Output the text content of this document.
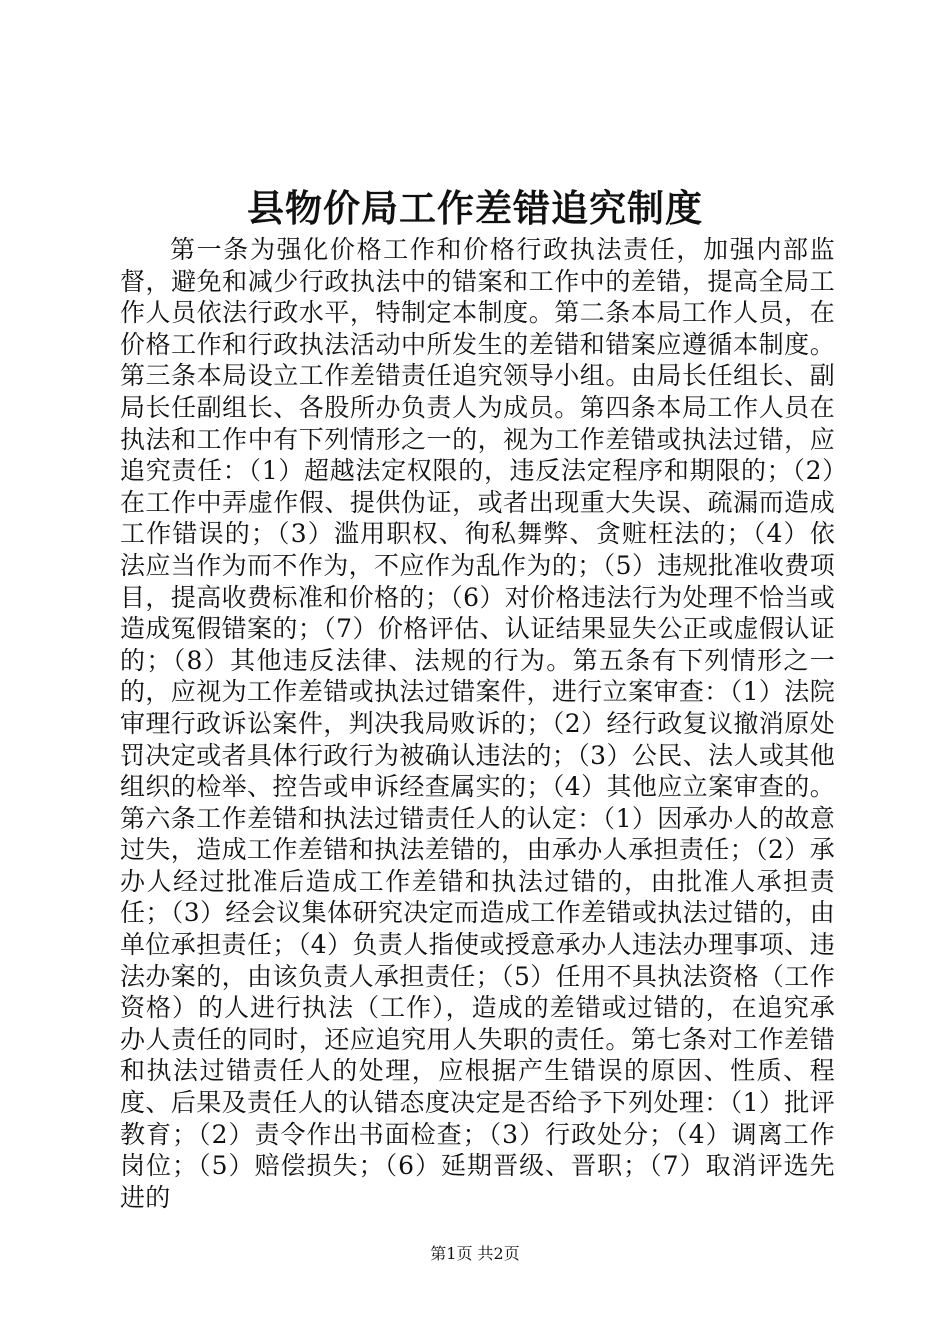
县物价局工作差错追究制度

第一条为强化价格工作和价格行政执法责任，加强内部监督，避免和减少行政执法中的错案和工作中的差错，提高全局工作人员依法行政水平，特制定本制度。第二条本局工作人员，在价格工作和行政执法活动中所发生的差错和错案应遵循本制度。第三条本局设立工作差错责任追究领导小组。由局长任组长、副局长任副组长、各股所办负责人为成员。第四条本局工作人员在执法和工作中有下列情形之一的，视为工作差错或执法过错，应追究责任：（1）超越法定权限的，违反法定程序和期限的；（2）在工作中弄虚作假、提供伪证，或者出现重大失误、疏漏而造成工作错误的；（3）滥用职权、徇私舞弊、贪赃枉法的；（4）依法应当作为而不作为，不应作为乱作为的；（5）违规批准收费项目，提高收费标准和价格的；（6）对价格违法行为处理不恰当或造成冤假错案的；（7）价格评估、认证结果显失公正或虚假认证的；（8）其他违反法律、法规的行为。第五条有下列情形之一的，应视为工作差错或执法过错案件，进行立案审查：（1）法院审理行政诉讼案件，判决我局败诉的；（2）经行政复议撤消原处罚决定或者具体行政行为被确认违法的；（3）公民、法人或其他组织的检举、控告或申诉经查属实的；（4）其他应立案审查的。第六条工作差错和执法过错责任人的认定：（1）因承办人的故意过失，造成工作差错和执法差错的，由承办人承担责任；（2）承办人经过批准后造成工作差错和执法过错的，由批准人承担责任；（3）经会议集体研究决定而造成工作差错或执法过错的，由单位承担责任；（4）负责人指使或授意承办人违法办理事项、违法办案的，由该负责人承担责任；（5）任用不具执法资格（工作资格）的人进行执法（工作），造成的差错或过错的，在追究承办人责任的同时，还应追究用人失职的责任。第七条对工作差错和执法过错责任人的处理，应根据产生错误的原因、性质、程度、后果及责任人的认错态度决定是否给予下列处理：（1）批评教育；（2）责令作出书面检查；（3）行政处分；（4）调离工作岗位；（5）赔偿损失；（6）延期晋级、晋职；（7）取消评选先进的

第1页 共2页
